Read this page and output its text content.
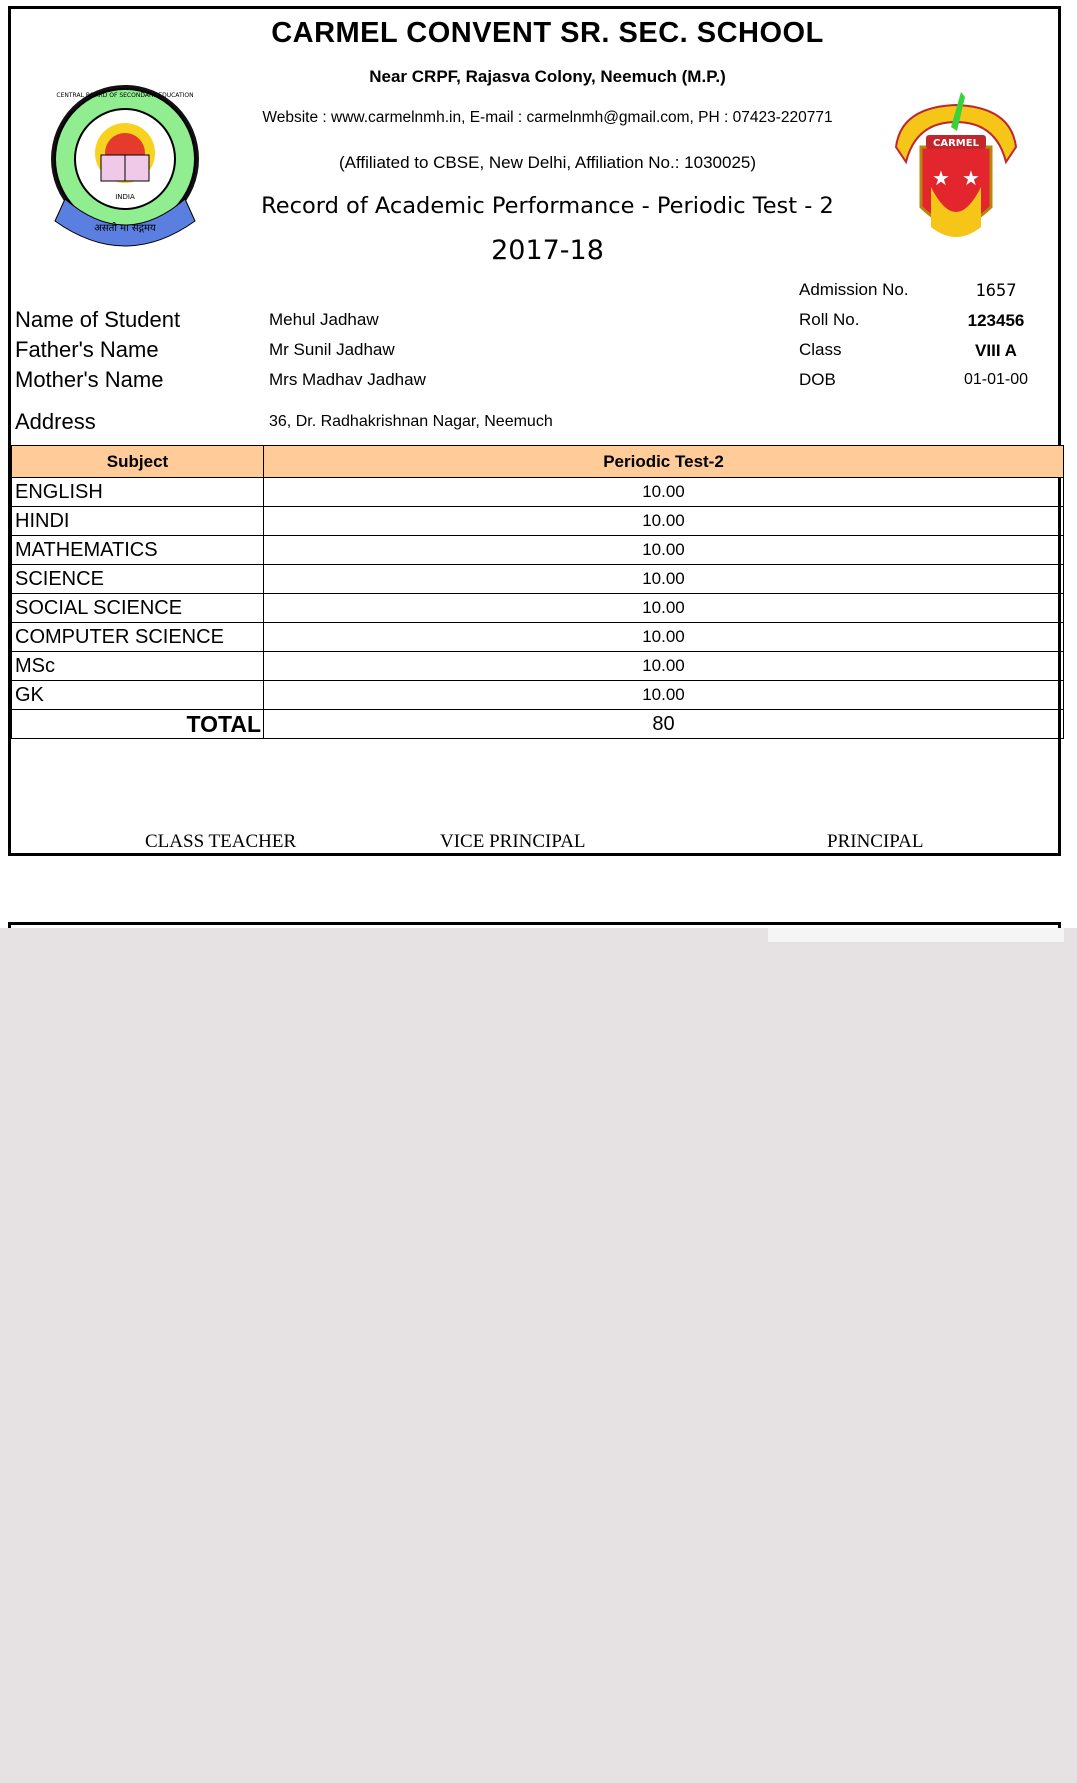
INDIA
CENTRAL BOARD OF SECONDARY EDUCATION
असतो मा सद्गमय
CARMEL
★ ★
CARMEL CONVENT SR. SEC. SCHOOL
Near CRPF, Rajasva Colony, Neemuch (M.P.)
Website : www.carmelnmh.in, E-mail : carmelnmh@gmail.com, PH : 07423-220771
(Affiliated to CBSE, New Delhi, Affiliation No.: 1030025)
Record of Academic Performance - Periodic Test - 2
2017-18
Name of Student	Mehul Jadhaw
Father's Name	Mr Sunil Jadhaw
Mother's Name	Mrs Madhav Jadhaw
Address	36, Dr. Radhakrishnan Nagar, Neemuch
Admission No.	1657
Roll No.	123456
Class	VIII A
DOB	01-01-00
Subject	Periodic Test-2
ENGLISH	10.00
HINDI	10.00
MATHEMATICS	10.00
SCIENCE	10.00
SOCIAL SCIENCE	10.00
COMPUTER SCIENCE	10.00
MSc	10.00
GK	10.00
TOTAL	80
CLASS TEACHER	VICE PRINCIPAL	PRINCIPAL
